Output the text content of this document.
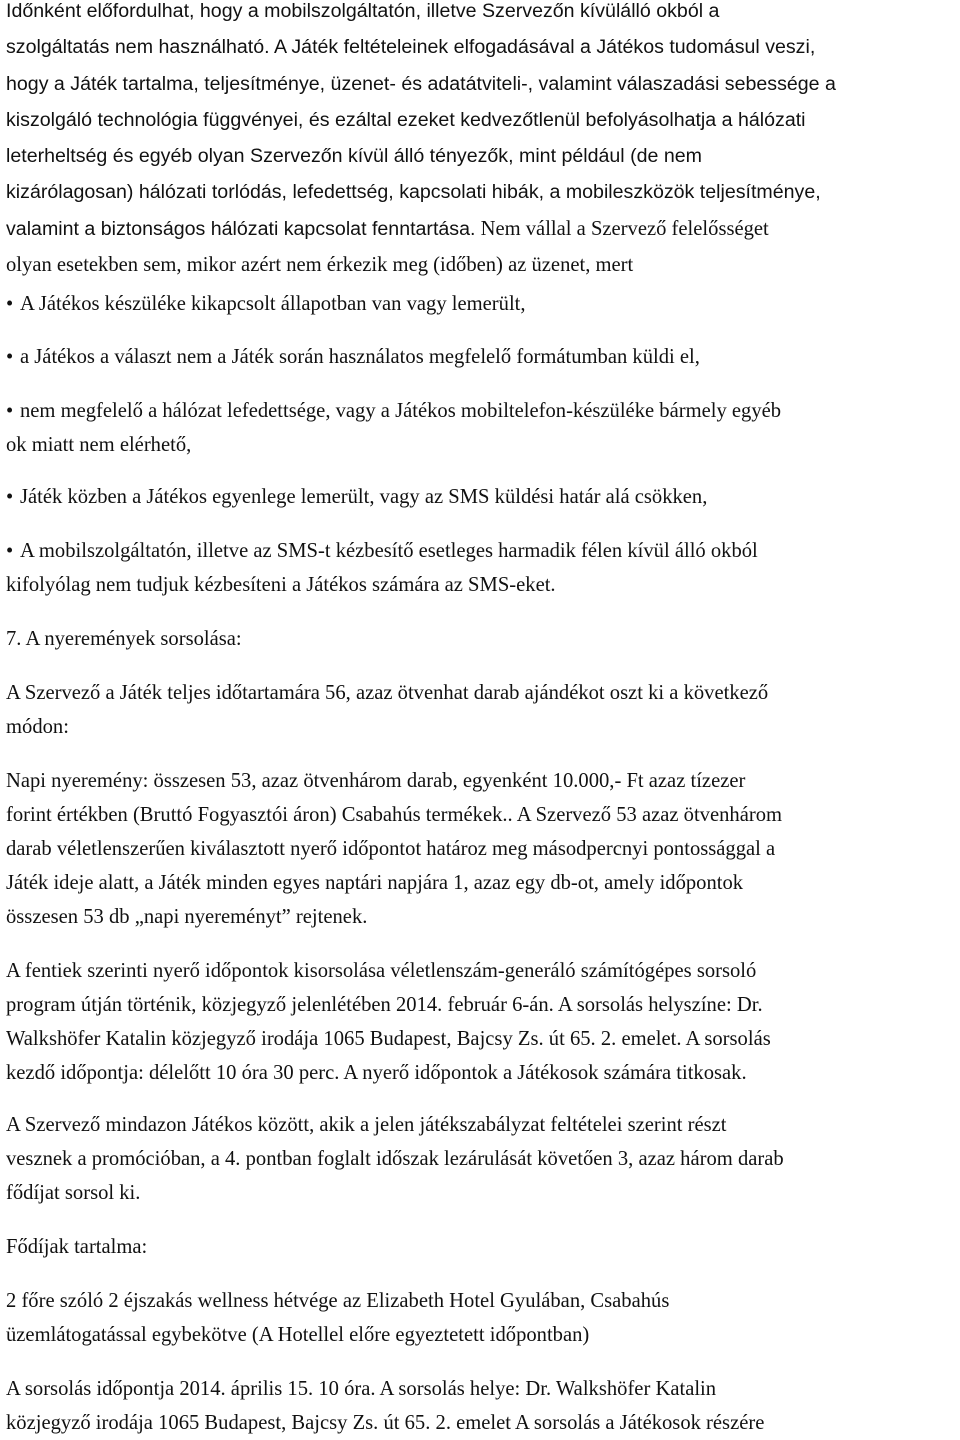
Időnként előfordulhat, hogy a mobilszolgáltatón, illetve Szervezőn kívülálló okból a
szolgáltatás nem használható. A Játék feltételeinek elfogadásával a Játékos tudomásul veszi,
hogy a Játék tartalma, teljesítménye, üzenet- és adatátviteli-, valamint válaszadási sebessége a
kiszolgáló technológia függvényei, és ezáltal ezeket kedvezőtlenül befolyásolhatja a hálózati
leterheltség és egyéb olyan Szervezőn kívül álló tényezők, mint például (de nem
kizárólagosan) hálózati torlódás, lefedettség, kapcsolati hibák, a mobileszközök teljesítménye,
valamint a biztonságos hálózati kapcsolat fenntartása. Nem vállal a Szervező felelősséget
olyan esetekben sem, mikor azért nem érkezik meg (időben) az üzenet, mert

• A Játékos készüléke kikapcsolt állapotban van vagy lemerült,

• a Játékos a választ nem a Játék során használatos megfelelő formátumban küldi el,

• nem megfelelő a hálózat lefedettsége, vagy a Játékos mobiltelefon-készüléke bármely egyéb
ok miatt nem elérhető,

• Játék közben a Játékos egyenlege lemerült, vagy az SMS küldési határ alá csökken,

• A mobilszolgáltatón, illetve az SMS-t kézbesítő esetleges harmadik félen kívül álló okból
kifolyólag nem tudjuk kézbesíteni a Játékos számára az SMS-eket.

7. A nyeremények sorsolása:

A Szervező a Játék teljes időtartamára 56, azaz ötvenhat darab ajándékot oszt ki a következő
módon:

Napi nyeremény: összesen 53, azaz ötvenhárom darab, egyenként 10.000,- Ft azaz tízezer
forint értékben (Bruttó Fogyasztói áron) Csabahús termékek.. A Szervező 53 azaz ötvenhárom
darab véletlenszerűen kiválasztott nyerő időpontot határoz meg másodpercnyi pontossággal a
Játék ideje alatt, a Játék minden egyes naptári napjára 1, azaz egy db-ot, amely időpontok
összesen 53 db „napi nyereményt” rejtenek.

A fentiek szerinti nyerő időpontok kisorsolása véletlenszám-generáló számítógépes sorsoló
program útján történik, közjegyző jelenlétében 2014. február 6-án. A sorsolás helyszíne: Dr.
Walkshöfer Katalin közjegyző irodája 1065 Budapest, Bajcsy Zs. út 65. 2. emelet. A sorsolás
kezdő időpontja: délelőtt 10 óra 30 perc. A nyerő időpontok a Játékosok számára titkosak.

A Szervező mindazon Játékos között, akik a jelen játékszabályzat feltételei szerint részt
vesznek a promócióban, a 4. pontban foglalt időszak lezárulását követően 3, azaz három darab
fődíjat sorsol ki.

Fődíjak tartalma:

2 főre szóló 2 éjszakás wellness hétvége az Elizabeth Hotel Gyulában, Csabahús
üzemlátogatással egybekötve (A Hotellel előre egyeztetett időpontban)

A sorsolás időpontja 2014. április 15. 10 óra. A sorsolás helye: Dr. Walkshöfer Katalin
közjegyző irodája 1065 Budapest, Bajcsy Zs. út 65. 2. emelet A sorsolás a Játékosok részére
